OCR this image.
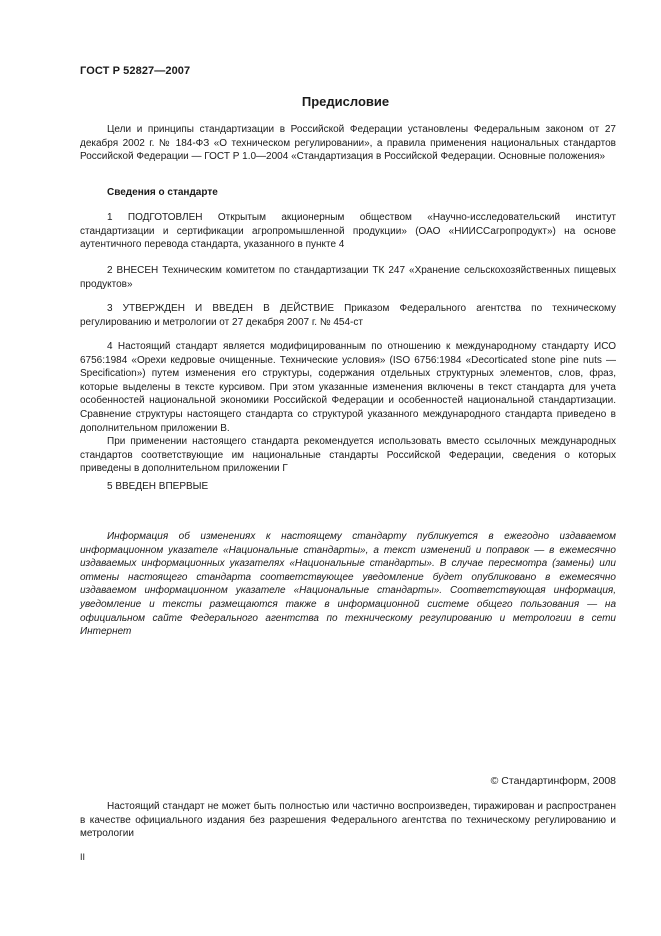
ГОСТ Р 52827—2007
Предисловие

Цели и принципы стандартизации в Российской Федерации установлены Федеральным законом от 27 декабря 2002 г. № 184-ФЗ «О техническом регулировании», а правила применения национальных стандартов Российской Федерации — ГОСТ Р 1.0—2004 «Стандартизация в Российской Федерации. Основные положения»

Сведения о стандарте

1 ПОДГОТОВЛЕН Открытым акционерным обществом «Научно-исследовательский институт стандартизации и сертификации агропромышленной продукции» (ОАО «НИИССагропродукт») на основе аутентичного перевода стандарта, указанного в пункте 4

2 ВНЕСЕН Техническим комитетом по стандартизации ТК 247 «Хранение сельскохозяйственных пищевых продуктов»

3 УТВЕРЖДЕН И ВВЕДЕН В ДЕЙСТВИЕ Приказом Федерального агентства по техническому регулированию и метрологии от 27 декабря 2007 г. № 454-ст

4 Настоящий стандарт является модифицированным по отношению к международному стандарту ИСО 6756:1984 «Орехи кедровые очищенные. Технические условия» (ISO 6756:1984 «Decorticated stone pine nuts — Specification») путем изменения его структуры, содержания отдельных структурных элементов, слов, фраз, которые выделены в тексте курсивом. При этом указанные изменения включены в текст стандарта для учета особенностей национальной экономики Российской Федерации и особенностей национальной стандартизации. Сравнение структуры настоящего стандарта со структурой указанного международного стандарта приведено в дополнительном приложении В.

При применении настоящего стандарта рекомендуется использовать вместо ссылочных международных стандартов соответствующие им национальные стандарты Российской Федерации, сведения о которых приведены в дополнительном приложении Г

5 ВВЕДЕН ВПЕРВЫЕ

Информация об изменениях к настоящему стандарту публикуется в ежегодно издаваемом информационном указателе «Национальные стандарты», а текст изменений и поправок — в ежемесячно издаваемых информационных указателях «Национальные стандарты». В случае пересмотра (замены) или отмены настоящего стандарта соответствующее уведомление будет опубликовано в ежемесячно издаваемом информационном указателе «Национальные стандарты». Соответствующая информация, уведомление и тексты размещаются также в информационной системе общего пользования — на официальном сайте Федерального агентства по техническому регулированию и метрологии в сети Интернет

© Стандартинформ, 2008

Настоящий стандарт не может быть полностью или частично воспроизведен, тиражирован и распространен в качестве официального издания без разрешения Федерального агентства по техническому регулированию и метрологии

II
